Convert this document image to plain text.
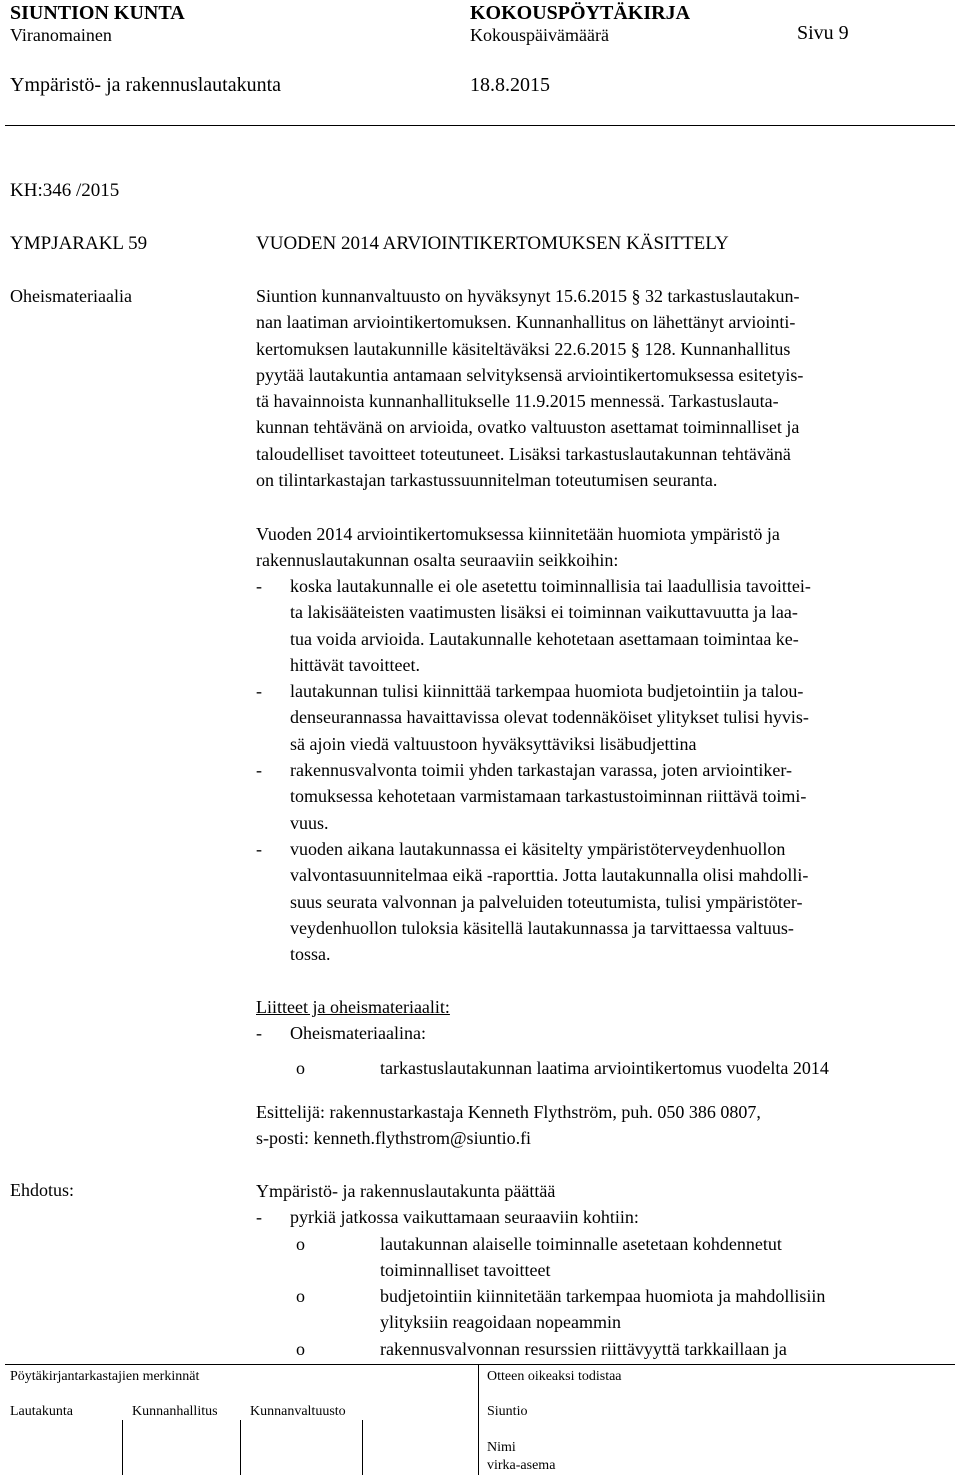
SIUNTION KUNTA	KOKOUSPÖYTÄKIRJA
Viranomainen	Kokouspäivämäärä	Sivu 9
Ympäristö- ja rakennuslautakunta	18.8.2015
KH:346 /2015
YMPJARAKL 59	VUODEN 2014 ARVIOINTIKERTOMUKSEN KÄSITTELY
Oheismateriaalia	Siuntion kunnanvaltuusto on hyväksynyt 15.6.2015 § 32 tarkastuslautakun-
nan laatiman arviointikertomuksen. Kunnanhallitus on lähettänyt arviointi-
kertomuksen lautakunnille käsiteltäväksi 22.6.2015 § 128. Kunnanhallitus
pyytää lautakuntia antamaan selvityksensä arviointikertomuksessa esitetyis-
tä havainnoista kunnanhallitukselle 11.9.2015 mennessä. Tarkastuslauta-
kunnan tehtävänä on arvioida, ovatko valtuuston asettamat toiminnalliset ja
taloudelliset tavoitteet toteutuneet. Lisäksi tarkastuslautakunnan tehtävänä
on tilintarkastajan tarkastussuunnitelman toteutumisen seuranta.
Vuoden 2014 arviointikertomuksessa kiinnitetään huomiota ympäristö ja
rakennuslautakunnan osalta seuraaviin seikkoihin:
- koska lautakunnalle ei ole asetettu toiminnallisia tai laadullisia tavoittei-
ta lakisääteisten vaatimusten lisäksi ei toiminnan vaikuttavuutta ja laa-
tua voida arvioida. Lautakunnalle kehotetaan asettamaan toimintaa ke-
hittävät tavoitteet.
- lautakunnan tulisi kiinnittää tarkempaa huomiota budjetointiin ja talou-
denseurannassa havaittavissa olevat todennäköiset ylitykset tulisi hyvis-
sä ajoin viedä valtuustoon hyväksyttäviksi lisäbudjettina
- rakennusvalvonta toimii yhden tarkastajan varassa, joten arviointiker-
tomuksessa kehotetaan varmistamaan tarkastustoiminnan riittävä toimi-
vuus.
- vuoden aikana lautakunnassa ei käsitelty ympäristöterveydenhuollon
valvontasuunnitelmaa eikä -raporttia. Jotta lautakunnalla olisi mahdolli-
suus seurata valvonnan ja palveluiden toteutumista, tulisi ympäristöter-
veydenhuollon tuloksia käsitellä lautakunnassa ja tarvittaessa valtuus-
tossa.
Liitteet ja oheismateriaalit:
- Oheismateriaalina:
o	tarkastuslautakunnan laatima arviointikertomus vuodelta 2014
Esittelijä: rakennustarkastaja Kenneth Flythström, puh. 050 386 0807,
s-posti: kenneth.flythstrom@siuntio.fi
Ehdotus:	Ympäristö- ja rakennuslautakunta päättää
- pyrkiä jatkossa vaikuttamaan seuraaviin kohtiin:
o	lautakunnan alaiselle toiminnalle asetetaan kohdennetut
toiminnalliset tavoitteet
o	budjetointiin kiinnitetään tarkempaa huomiota ja mahdollisiin
ylityksiin reagoidaan nopeammin
o	rakennusvalvonnan resurssien riittävyyttä tarkkaillaan ja
Pöytäkirjantarkastajien merkinnät	Otteen oikeaksi todistaa
Lautakunta	Kunnanhallitus Kunnanvaltuusto	Siuntio
Nimi
virka-asema
